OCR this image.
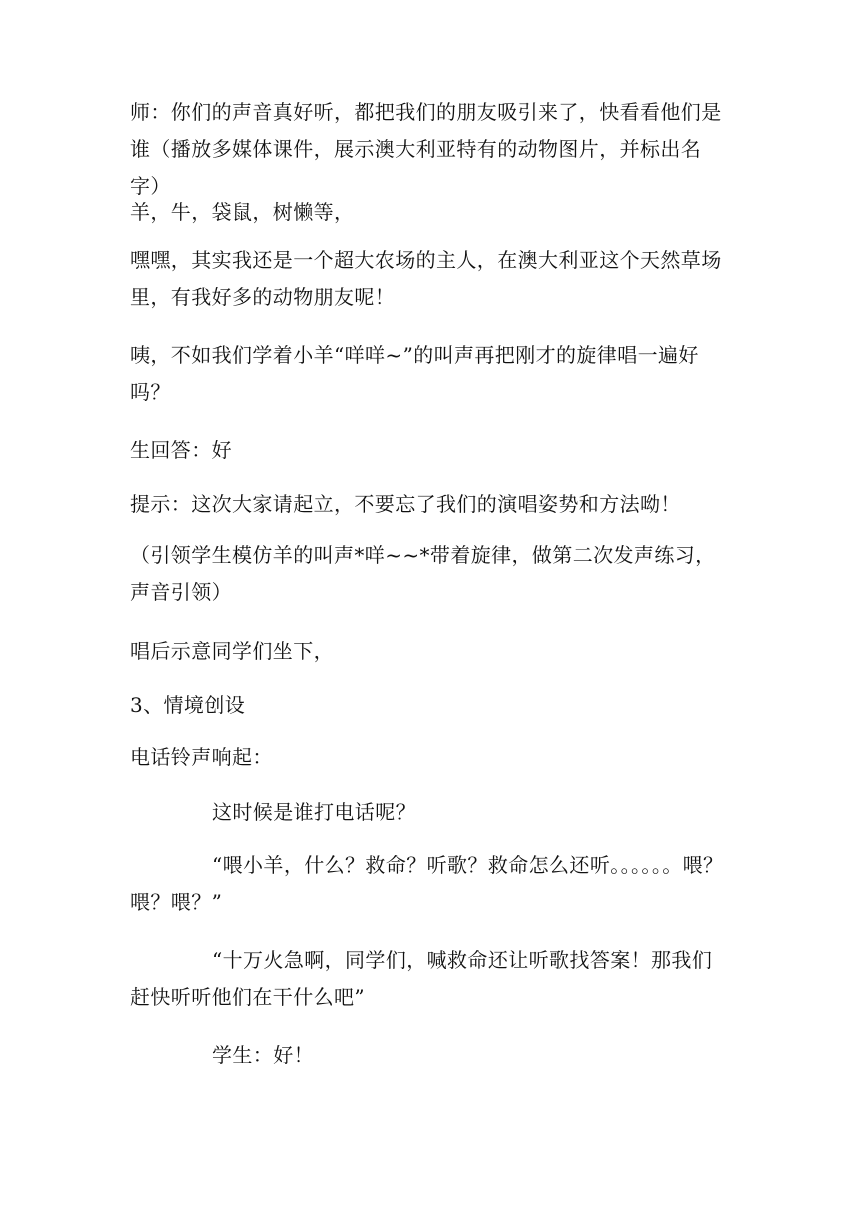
师：你们的声音真好听，都把我们的朋友吸引来了，快看看他们是谁（播放多媒体课件，展示澳大利亚特有的动物图片，并标出名字）

羊，牛，袋鼠，树懒等，

嘿嘿，其实我还是一个超大农场的主人，在澳大利亚这个天然草场里，有我好多的动物朋友呢！

咦，不如我们学着小羊“咩咩~”的叫声再把刚才的旋律唱一遍好吗？

生回答：好

提示：这次大家请起立，不要忘了我们的演唱姿势和方法呦！

（引领学生模仿羊的叫声*咩~~*带着旋律，做第二次发声练习，声音引领）

唱后示意同学们坐下，

3、情境创设

电话铃声响起：

这时候是谁打电话呢？

“喂小羊，什么？救命？听歌？救命怎么还听。。。。。。喂？喂？喂？”

“十万火急啊，同学们，喊救命还让听歌找答案！那我们赶快听听他们在干什么吧”

学生：好！
